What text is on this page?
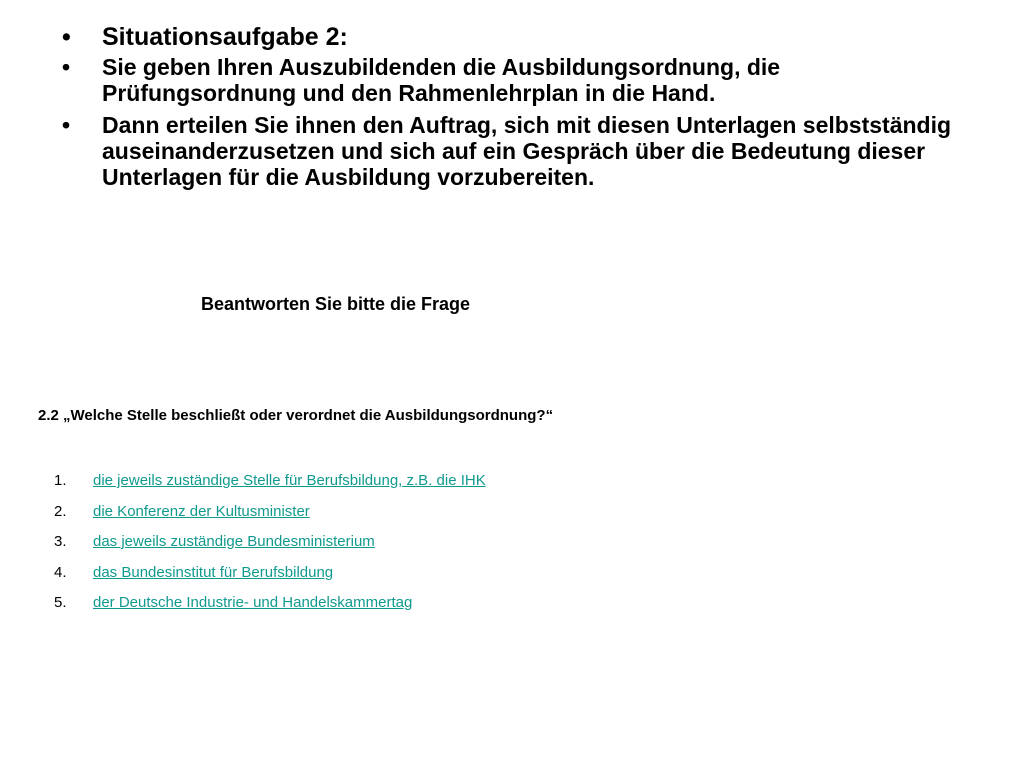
• Situationsaufgabe 2:
• Sie geben Ihren Auszubildenden die Ausbildungsordnung, die Prüfungsordnung und den Rahmenlehrplan in die Hand.
• Dann erteilen Sie ihnen den Auftrag, sich mit diesen Unterlagen selbstständig auseinanderzusetzen und sich auf ein Gespräch über die Bedeutung dieser Unterlagen für die Ausbildung vorzubereiten.

Beantworten Sie bitte die Frage

2.2 „Welche Stelle beschließt oder verordnet die Ausbildungsordnung?“

1.	die jeweils zuständige Stelle für Berufsbildung, z.B. die IHK
2.	die Konferenz der Kultusminister
3.	das jeweils zuständige Bundesministerium
4.	das Bundesinstitut für Berufsbildung
5.	der Deutsche Industrie- und Handelskammertag
